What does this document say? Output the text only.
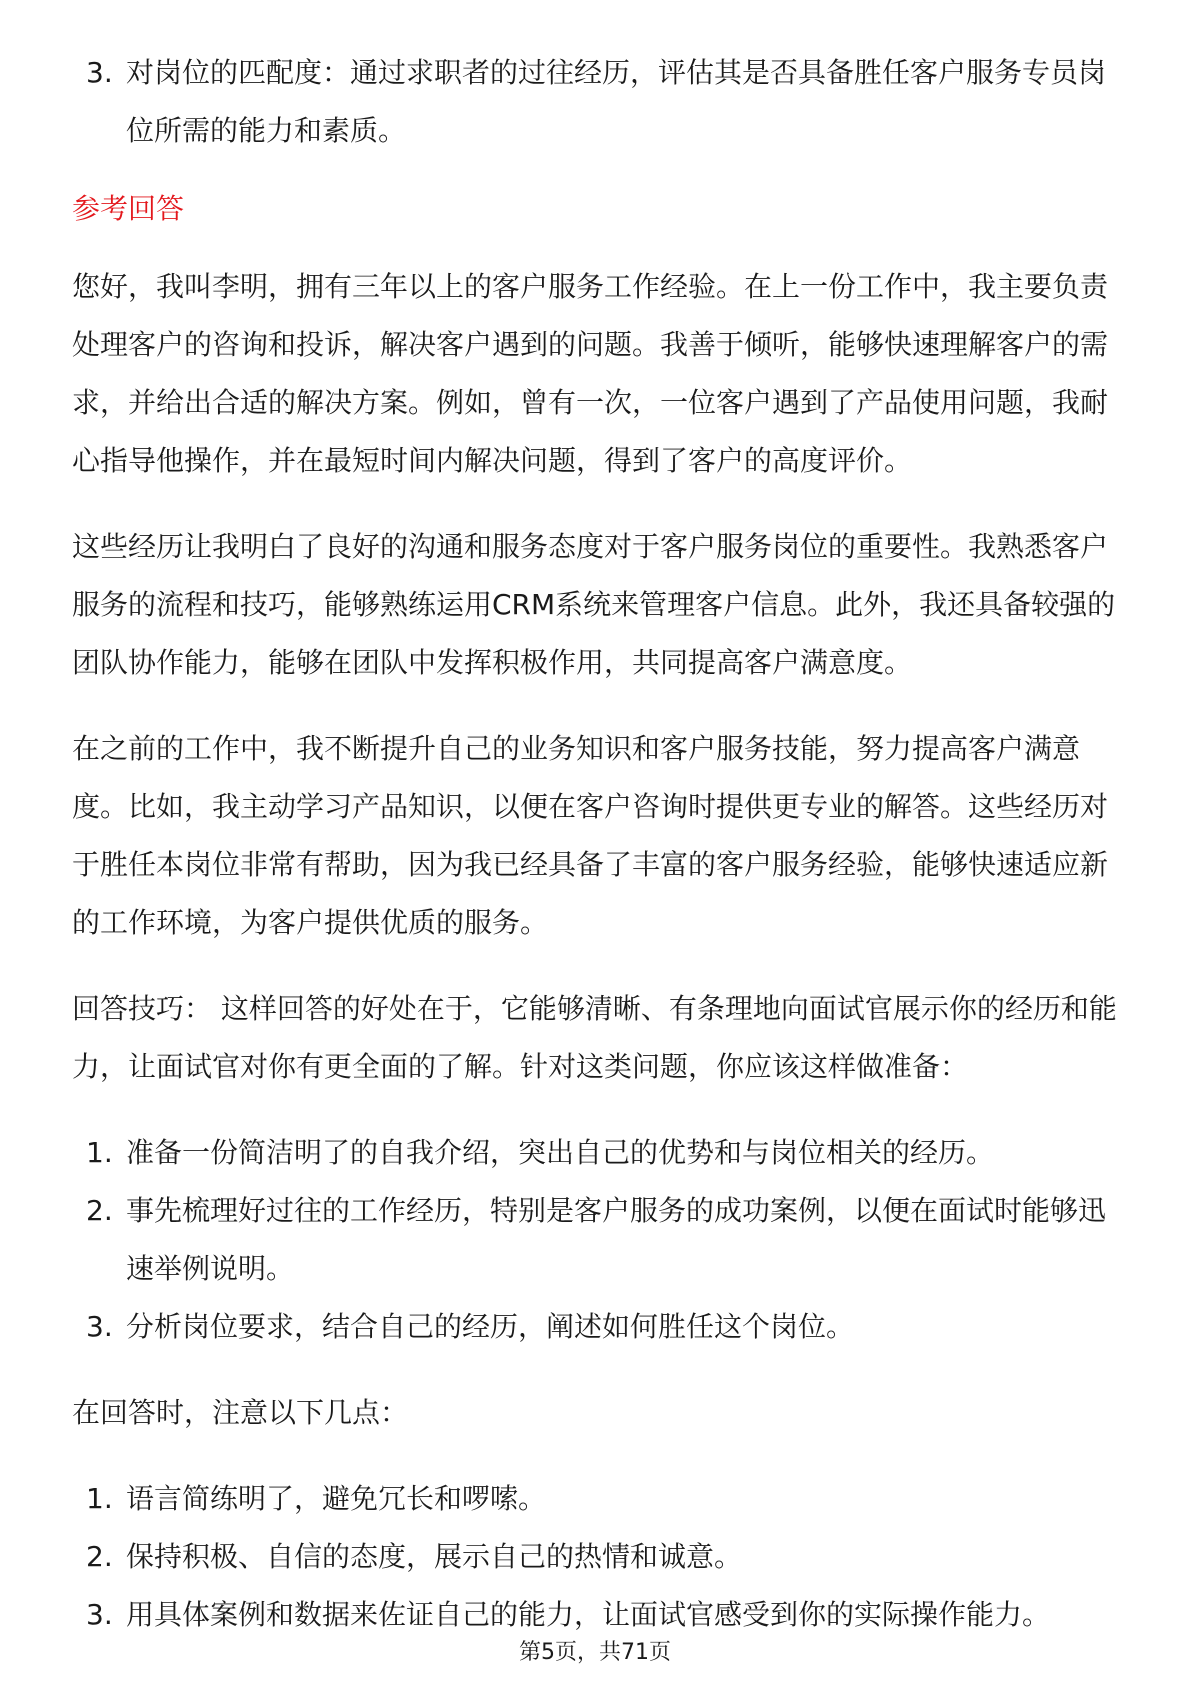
3. 对岗位的匹配度：通过求职者的过往经历，评估其是否具备胜任客户服务专员岗位所需的能力和素质。
参考回答

您好，我叫李明，拥有三年以上的客户服务工作经验。在上一份工作中，我主要负责处理客户的咨询和投诉，解决客户遇到的问题。我善于倾听，能够快速理解客户的需求，并给出合适的解决方案。例如，曾有一次，一位客户遇到了产品使用问题，我耐心指导他操作，并在最短时间内解决问题，得到了客户的高度评价。

这些经历让我明白了良好的沟通和服务态度对于客户服务岗位的重要性。我熟悉客户服务的流程和技巧，能够熟练运用CRM系统来管理客户信息。此外，我还具备较强的团队协作能力，能够在团队中发挥积极作用，共同提高客户满意度。

在之前的工作中，我不断提升自己的业务知识和客户服务技能，努力提高客户满意度。比如，我主动学习产品知识，以便在客户咨询时提供更专业的解答。这些经历对于胜任本岗位非常有帮助，因为我已经具备了丰富的客户服务经验，能够快速适应新的工作环境，为客户提供优质的服务。

回答技巧： 这样回答的好处在于，它能够清晰、有条理地向面试官展示你的经历和能力，让面试官对你有更全面的了解。针对这类问题，你应该这样做准备：

1. 准备一份简洁明了的自我介绍，突出自己的优势和与岗位相关的经历。
2. 事先梳理好过往的工作经历，特别是客户服务的成功案例，以便在面试时能够迅速举例说明。
3. 分析岗位要求，结合自己的经历，阐述如何胜任这个岗位。

在回答时，注意以下几点：

1. 语言简练明了，避免冗长和啰嗦。
2. 保持积极、自信的态度，展示自己的热情和诚意。
3. 用具体案例和数据来佐证自己的能力，让面试官感受到你的实际操作能力。
第5页，共71页
